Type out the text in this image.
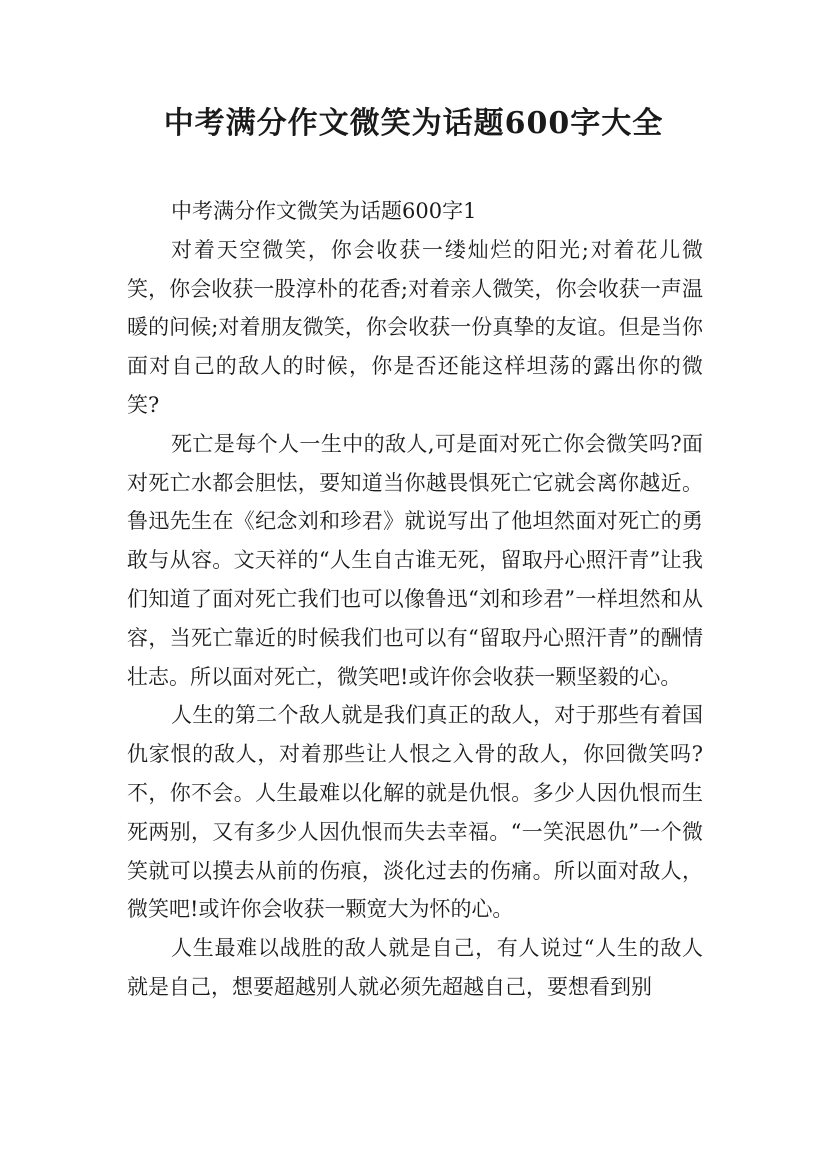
中考满分作文微笑为话题600字大全

中考满分作文微笑为话题600字1

对着天空微笑，你会收获一缕灿烂的阳光;对着花儿微笑，你会收获一股淳朴的花香;对着亲人微笑，你会收获一声温暖的问候;对着朋友微笑，你会收获一份真挚的友谊。但是当你面对自己的敌人的时候，你是否还能这样坦荡的露出你的微笑?

死亡是每个人一生中的敌人,可是面对死亡你会微笑吗?面对死亡水都会胆怯，要知道当你越畏惧死亡它就会离你越近。鲁迅先生在《纪念刘和珍君》就说写出了他坦然面对死亡的勇敢与从容。文天祥的“人生自古谁无死，留取丹心照汗青”让我们知道了面对死亡我们也可以像鲁迅“刘和珍君”一样坦然和从容，当死亡靠近的时候我们也可以有“留取丹心照汗青”的酬情壮志。所以面对死亡，微笑吧!或许你会收获一颗坚毅的心。

人生的第二个敌人就是我们真正的敌人，对于那些有着国仇家恨的敌人，对着那些让人恨之入骨的敌人，你回微笑吗?不，你不会。人生最难以化解的就是仇恨。多少人因仇恨而生死两别，又有多少人因仇恨而失去幸福。“一笑泯恩仇”一个微笑就可以摸去从前的伤痕，淡化过去的伤痛。所以面对敌人，微笑吧!或许你会收获一颗宽大为怀的心。

人生最难以战胜的敌人就是自己，有人说过“人生的敌人就是自己，想要超越别人就必须先超越自己，要想看到别
